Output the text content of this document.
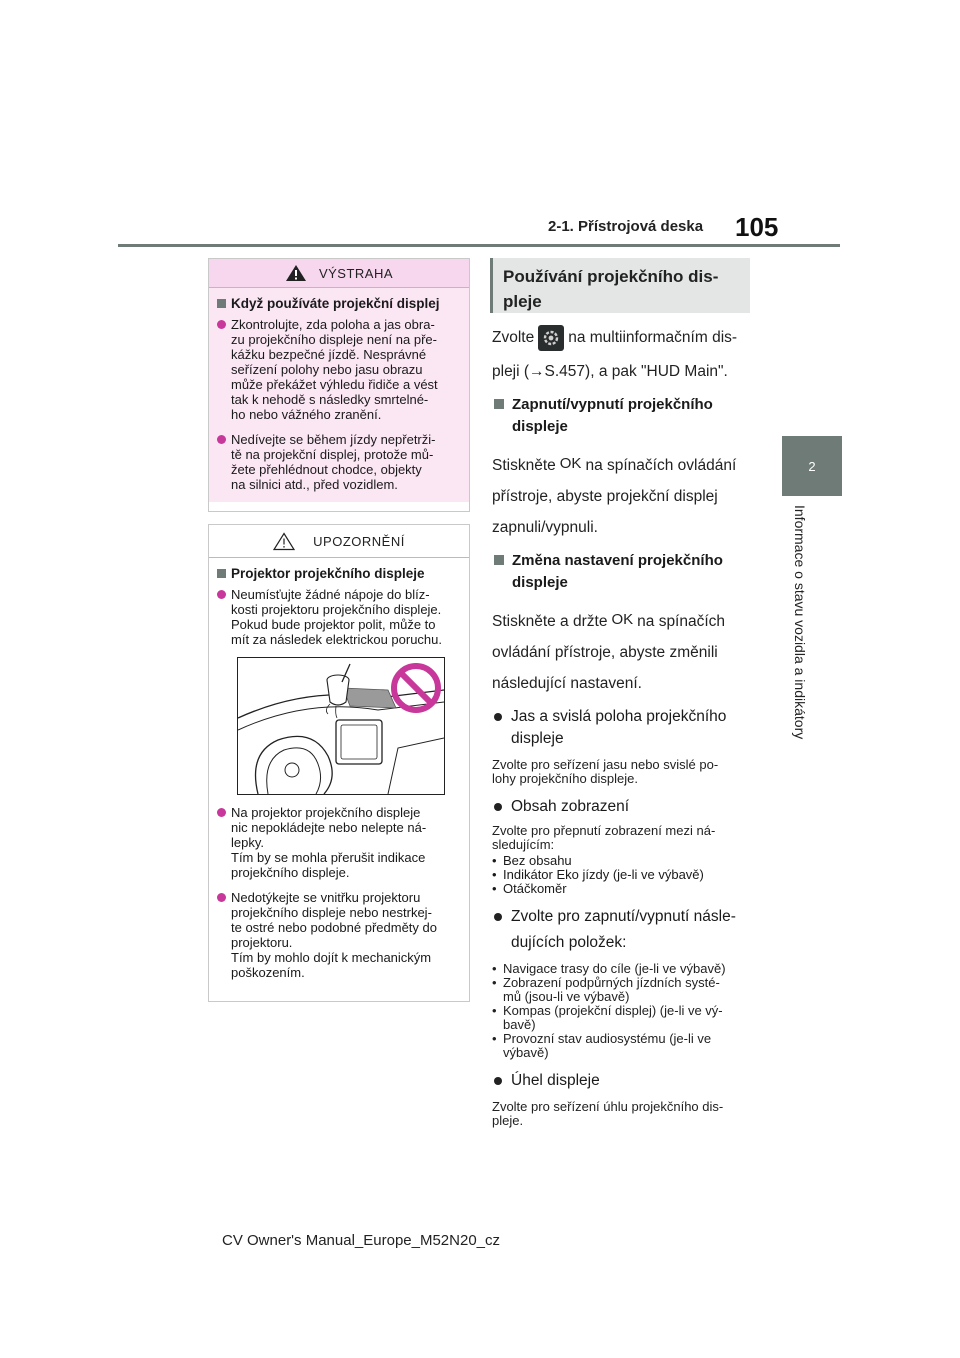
2-1. Přístrojová deska 105
2
Informace o stavu vozidla a indikátory
VÝSTRAHA
Když používáte projekční displej
Zkontrolujte, zda poloha a jas obra-
zu projekčního displeje není na pře-
kážku bezpečné jízdě. Nesprávné
seřízení polohy nebo jasu obrazu
může překážet výhledu řidiče a vést
tak k nehodě s následky smrtelné-
ho nebo vážného zranění.
Nedívejte se během jízdy nepřetrži-
tě na projekční displej, protože mů-
žete přehlédnout chodce, objekty
na silnici atd., před vozidlem.
UPOZORNĚNÍ
Projektor projekčního displeje
Neumísťujte žádné nápoje do blíz-
kosti projektoru projekčního displeje.
Pokud bude projektor polit, může to
mít za následek elektrickou poruchu.
Na projektor projekčního displeje
nic nepokládejte nebo nelepte ná-
lepky.
Tím by se mohla přerušit indikace
projekčního displeje.
Nedotýkejte se vnitřku projektoru
projekčního displeje nebo nestrkej-
te ostré nebo podobné předměty do
projektoru.
Tím by mohlo dojít k mechanickým
poškozením.
Používání projekčního dis-
pleje
Zvolte na multiinformačním dis-
pleji (→S.457), a pak "HUD Main".
Zapnutí/vypnutí projekčního
displeje
Stiskněte OK na spínačích ovládání
přístroje, abyste projekční displej
zapnuli/vypnuli.
Změna nastavení projekčního
displeje
Stiskněte a držte OK na spínačích
ovládání přístroje, abyste změnili
následující nastavení.
Jas a svislá poloha projekčního
displeje
Zvolte pro seřízení jasu nebo svislé po-
lohy projekčního displeje.
Obsah zobrazení
Zvolte pro přepnutí zobrazení mezi ná-
sledujícím:
• Bez obsahu
• Indikátor Eko jízdy (je-li ve výbavě)
• Otáčkoměr
Zvolte pro zapnutí/vypnutí násle-
dujících položek:
• Navigace trasy do cíle (je-li ve výbavě)
• Zobrazení podpůrných jízdních systé-
mů (jsou-li ve výbavě)
• Kompas (projekční displej) (je-li ve vý-
bavě)
• Provozní stav audiosystému (je-li ve
výbavě)
Úhel displeje
Zvolte pro seřízení úhlu projekčního dis-
pleje.
CV Owner's Manual_Europe_M52N20_cz
